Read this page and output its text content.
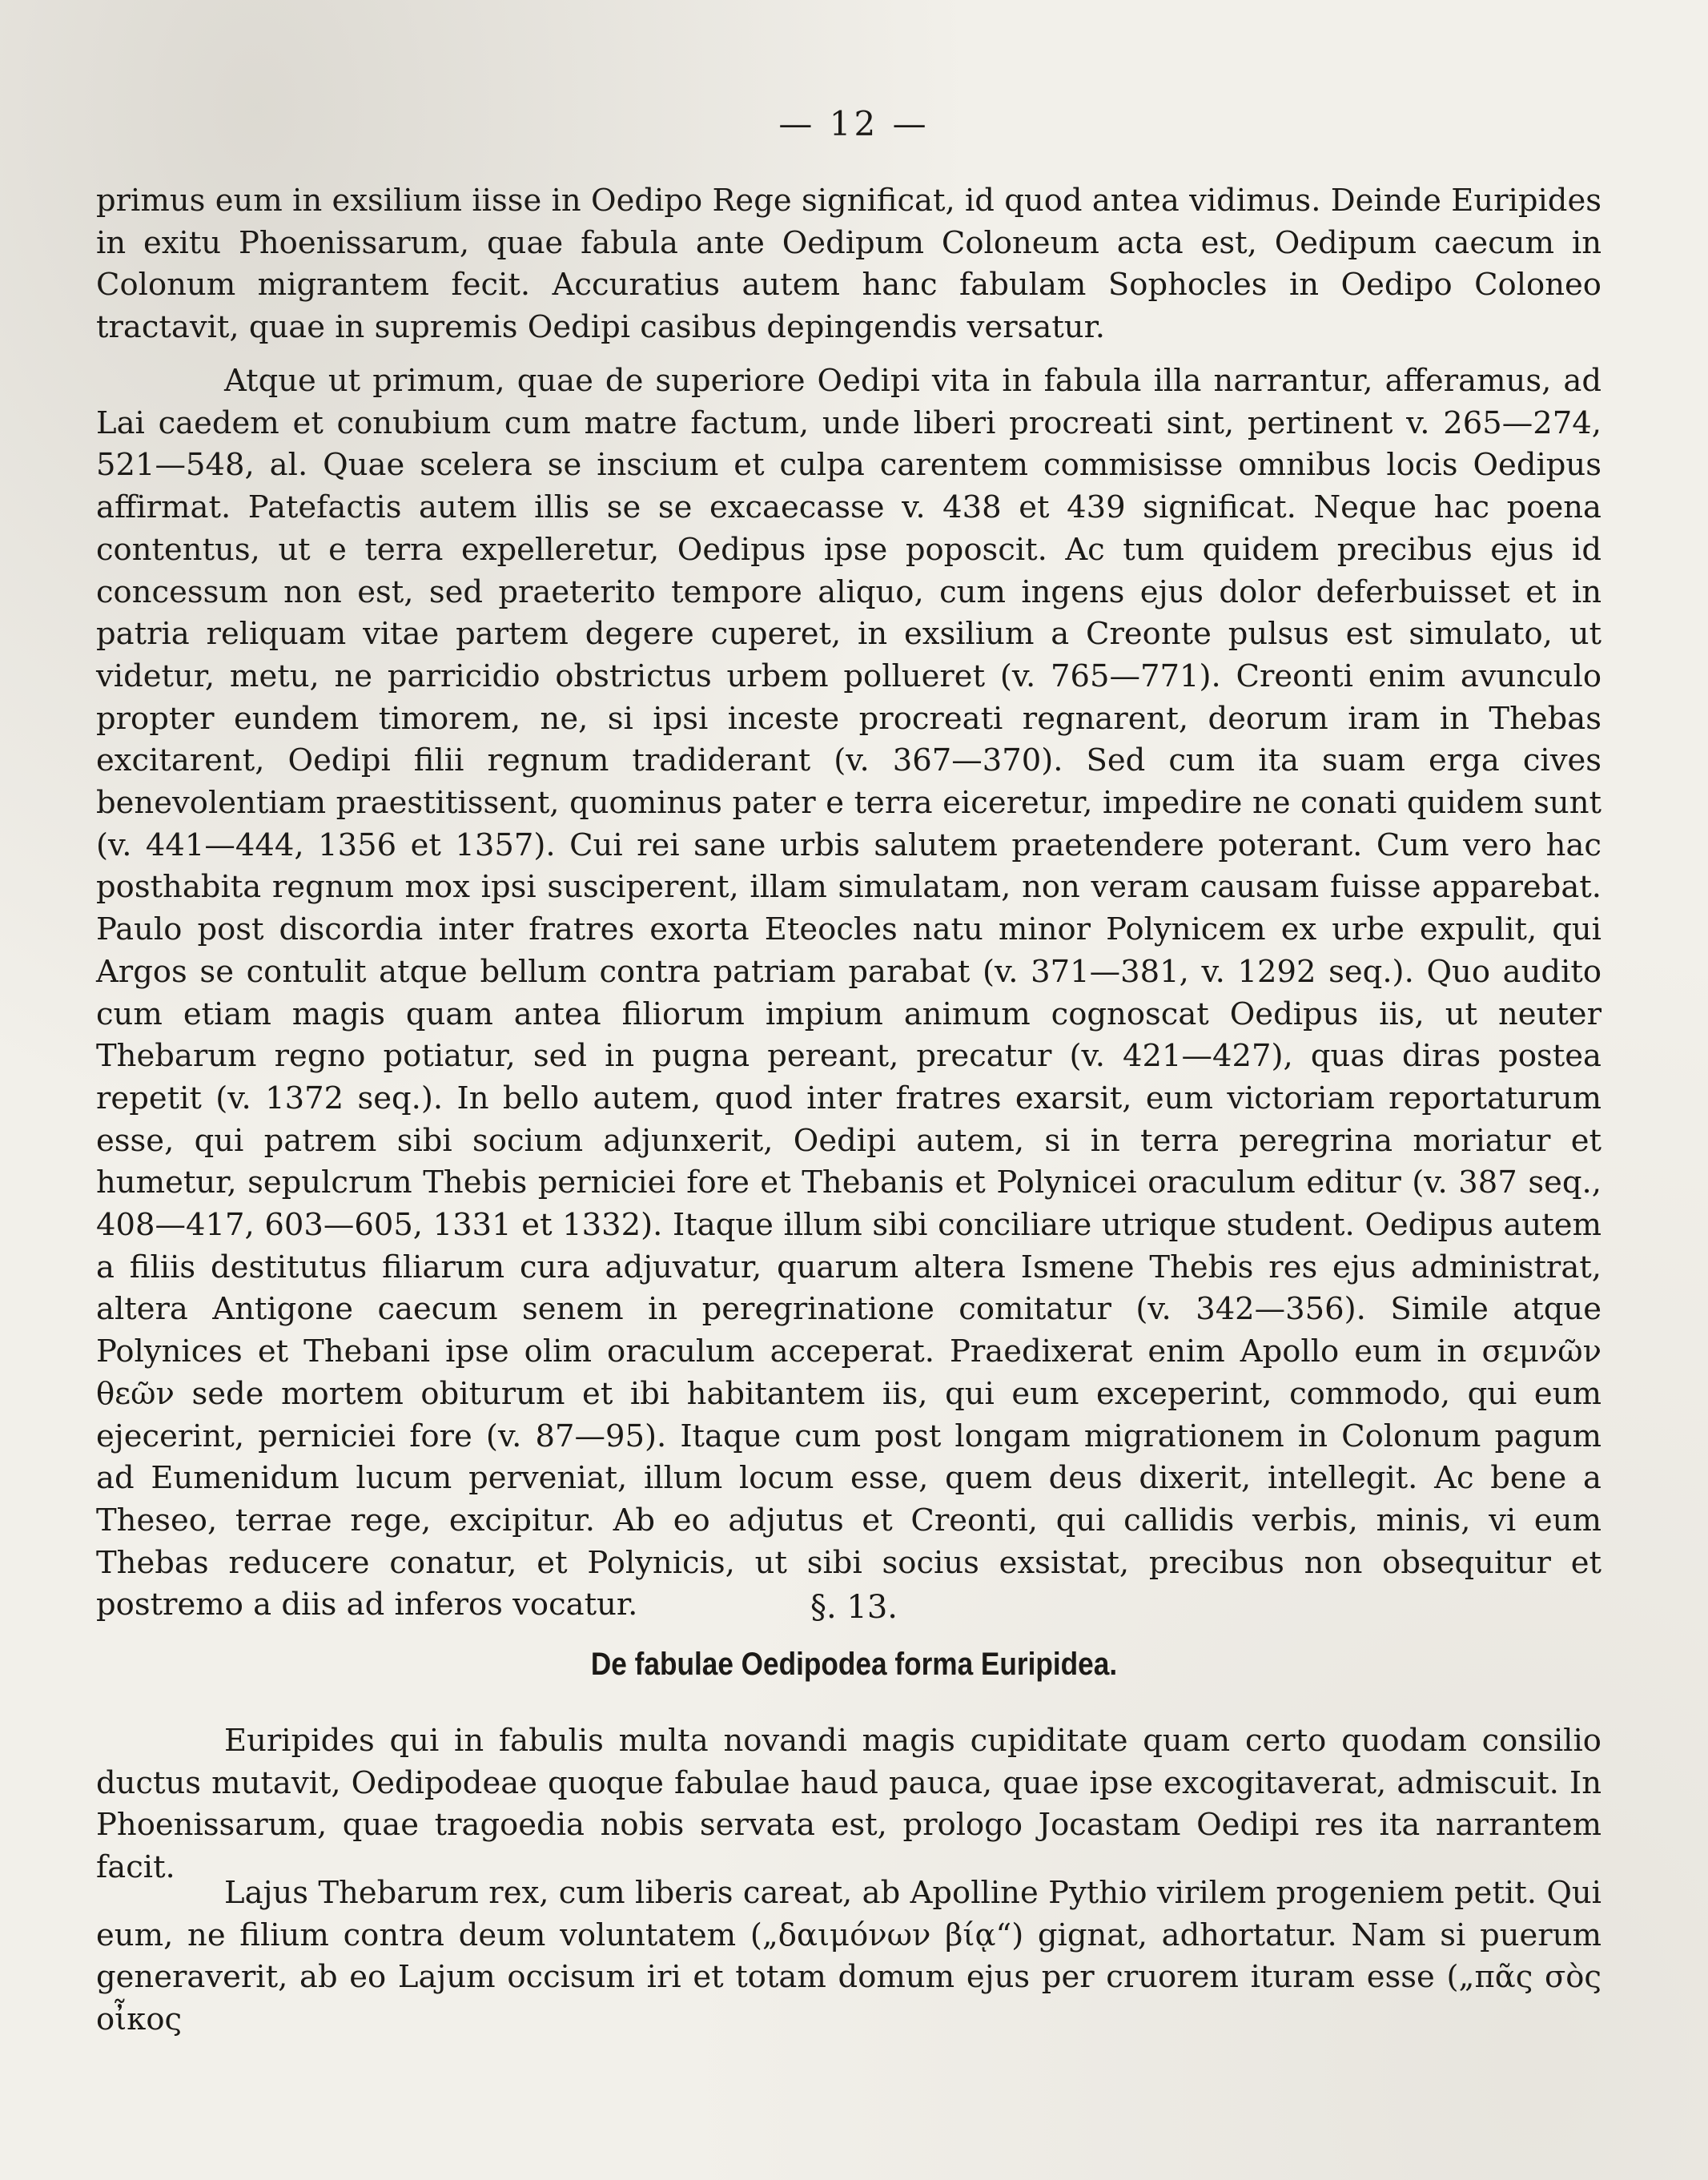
— 12 —

primus eum in exsilium iisse in Oedipo Rege significat, id quod antea vidimus. Deinde Euripides in exitu Phoenissarum, quae fabula ante Oedipum Coloneum acta est, Oedipum caecum in Colonum migrantem fecit. Accuratius autem hanc fabulam Sophocles in Oedipo Coloneo tractavit, quae in supremis Oedipi casibus depingendis versatur.

Atque ut primum, quae de superiore Oedipi vita in fabula illa narrantur, afferamus, ad Lai caedem et conubium cum matre factum, unde liberi procreati sint, pertinent v. 265—274, 521—548, al. Quae scelera se inscium et culpa carentem commisisse omnibus locis Oedipus affirmat. Patefactis autem illis se se excaecasse v. 438 et 439 significat. Neque hac poena contentus, ut e terra expelleretur, Oedipus ipse poposcit. Ac tum quidem precibus ejus id concessum non est, sed praeterito tempore aliquo, cum ingens ejus dolor deferbuisset et in patria reliquam vitae partem degere cuperet, in exsilium a Creonte pulsus est simulato, ut videtur, metu, ne parricidio obstrictus urbem pollueret (v. 765—771). Creonti enim avunculo propter eundem timorem, ne, si ipsi inceste procreati regnarent, deorum iram in Thebas excitarent, Oedipi filii regnum tradiderant (v. 367—370). Sed cum ita suam erga cives benevolentiam praestitissent, quominus pater e terra eiceretur, impedire ne conati quidem sunt (v. 441—444, 1356 et 1357). Cui rei sane urbis salutem praetendere poterant. Cum vero hac posthabita regnum mox ipsi susciperent, illam simulatam, non veram causam fuisse apparebat. Paulo post discordia inter fratres exorta Eteocles natu minor Polynicem ex urbe expulit, qui Argos se contulit atque bellum contra patriam parabat (v. 371—381, v. 1292 seq.). Quo audito cum etiam magis quam antea filiorum impium animum cognoscat Oedipus iis, ut neuter Thebarum regno potiatur, sed in pugna pereant, precatur (v. 421—427), quas diras postea repetit (v. 1372 seq.). In bello autem, quod inter fratres exarsit, eum victoriam reportaturum esse, qui patrem sibi socium adjunxerit, Oedipi autem, si in terra peregrina moriatur et humetur, sepulcrum Thebis perniciei fore et Thebanis et Polynicei oraculum editur (v. 387 seq., 408—417, 603—605, 1331 et 1332). Itaque illum sibi conciliare utrique student. Oedipus autem a filiis destitutus filiarum cura adjuvatur, quarum altera Ismene Thebis res ejus administrat, altera Antigone caecum senem in peregrinatione comitatur (v. 342—356). Simile atque Polynices et Thebani ipse olim oraculum acceperat. Praedixerat enim Apollo eum in σεμνῶν θεῶν sede mortem obiturum et ibi habitantem iis, qui eum exceperint, commodo, qui eum ejecerint, perniciei fore (v. 87—95). Itaque cum post longam migrationem in Colonum pagum ad Eumenidum lucum perveniat, illum locum esse, quem deus dixerit, intellegit. Ac bene a Theseo, terrae rege, excipitur. Ab eo adjutus et Creonti, qui callidis verbis, minis, vi eum Thebas reducere conatur, et Polynicis, ut sibi socius exsistat, precibus non obsequitur et postremo a diis ad inferos vocatur.	§. 13.
De fabulae Oedipodea forma Euripidea.

Euripides qui in fabulis multa novandi magis cupiditate quam certo quodam consilio ductus mutavit, Oedipodeae quoque fabulae haud pauca, quae ipse excogitaverat, admiscuit. In Phoenissarum, quae tragoedia nobis servata est, prologo Jocastam Oedipi res ita narrantem facit.

Lajus Thebarum rex, cum liberis careat, ab Apolline Pythio virilem progeniem petit. Qui eum, ne filium contra deum voluntatem („δαιμόνων βίᾳ“) gignat, adhortatur. Nam si puerum generaverit, ab eo Lajum occisum iri et totam domum ejus per cruorem ituram esse („πᾶς σὸς οἶκος
